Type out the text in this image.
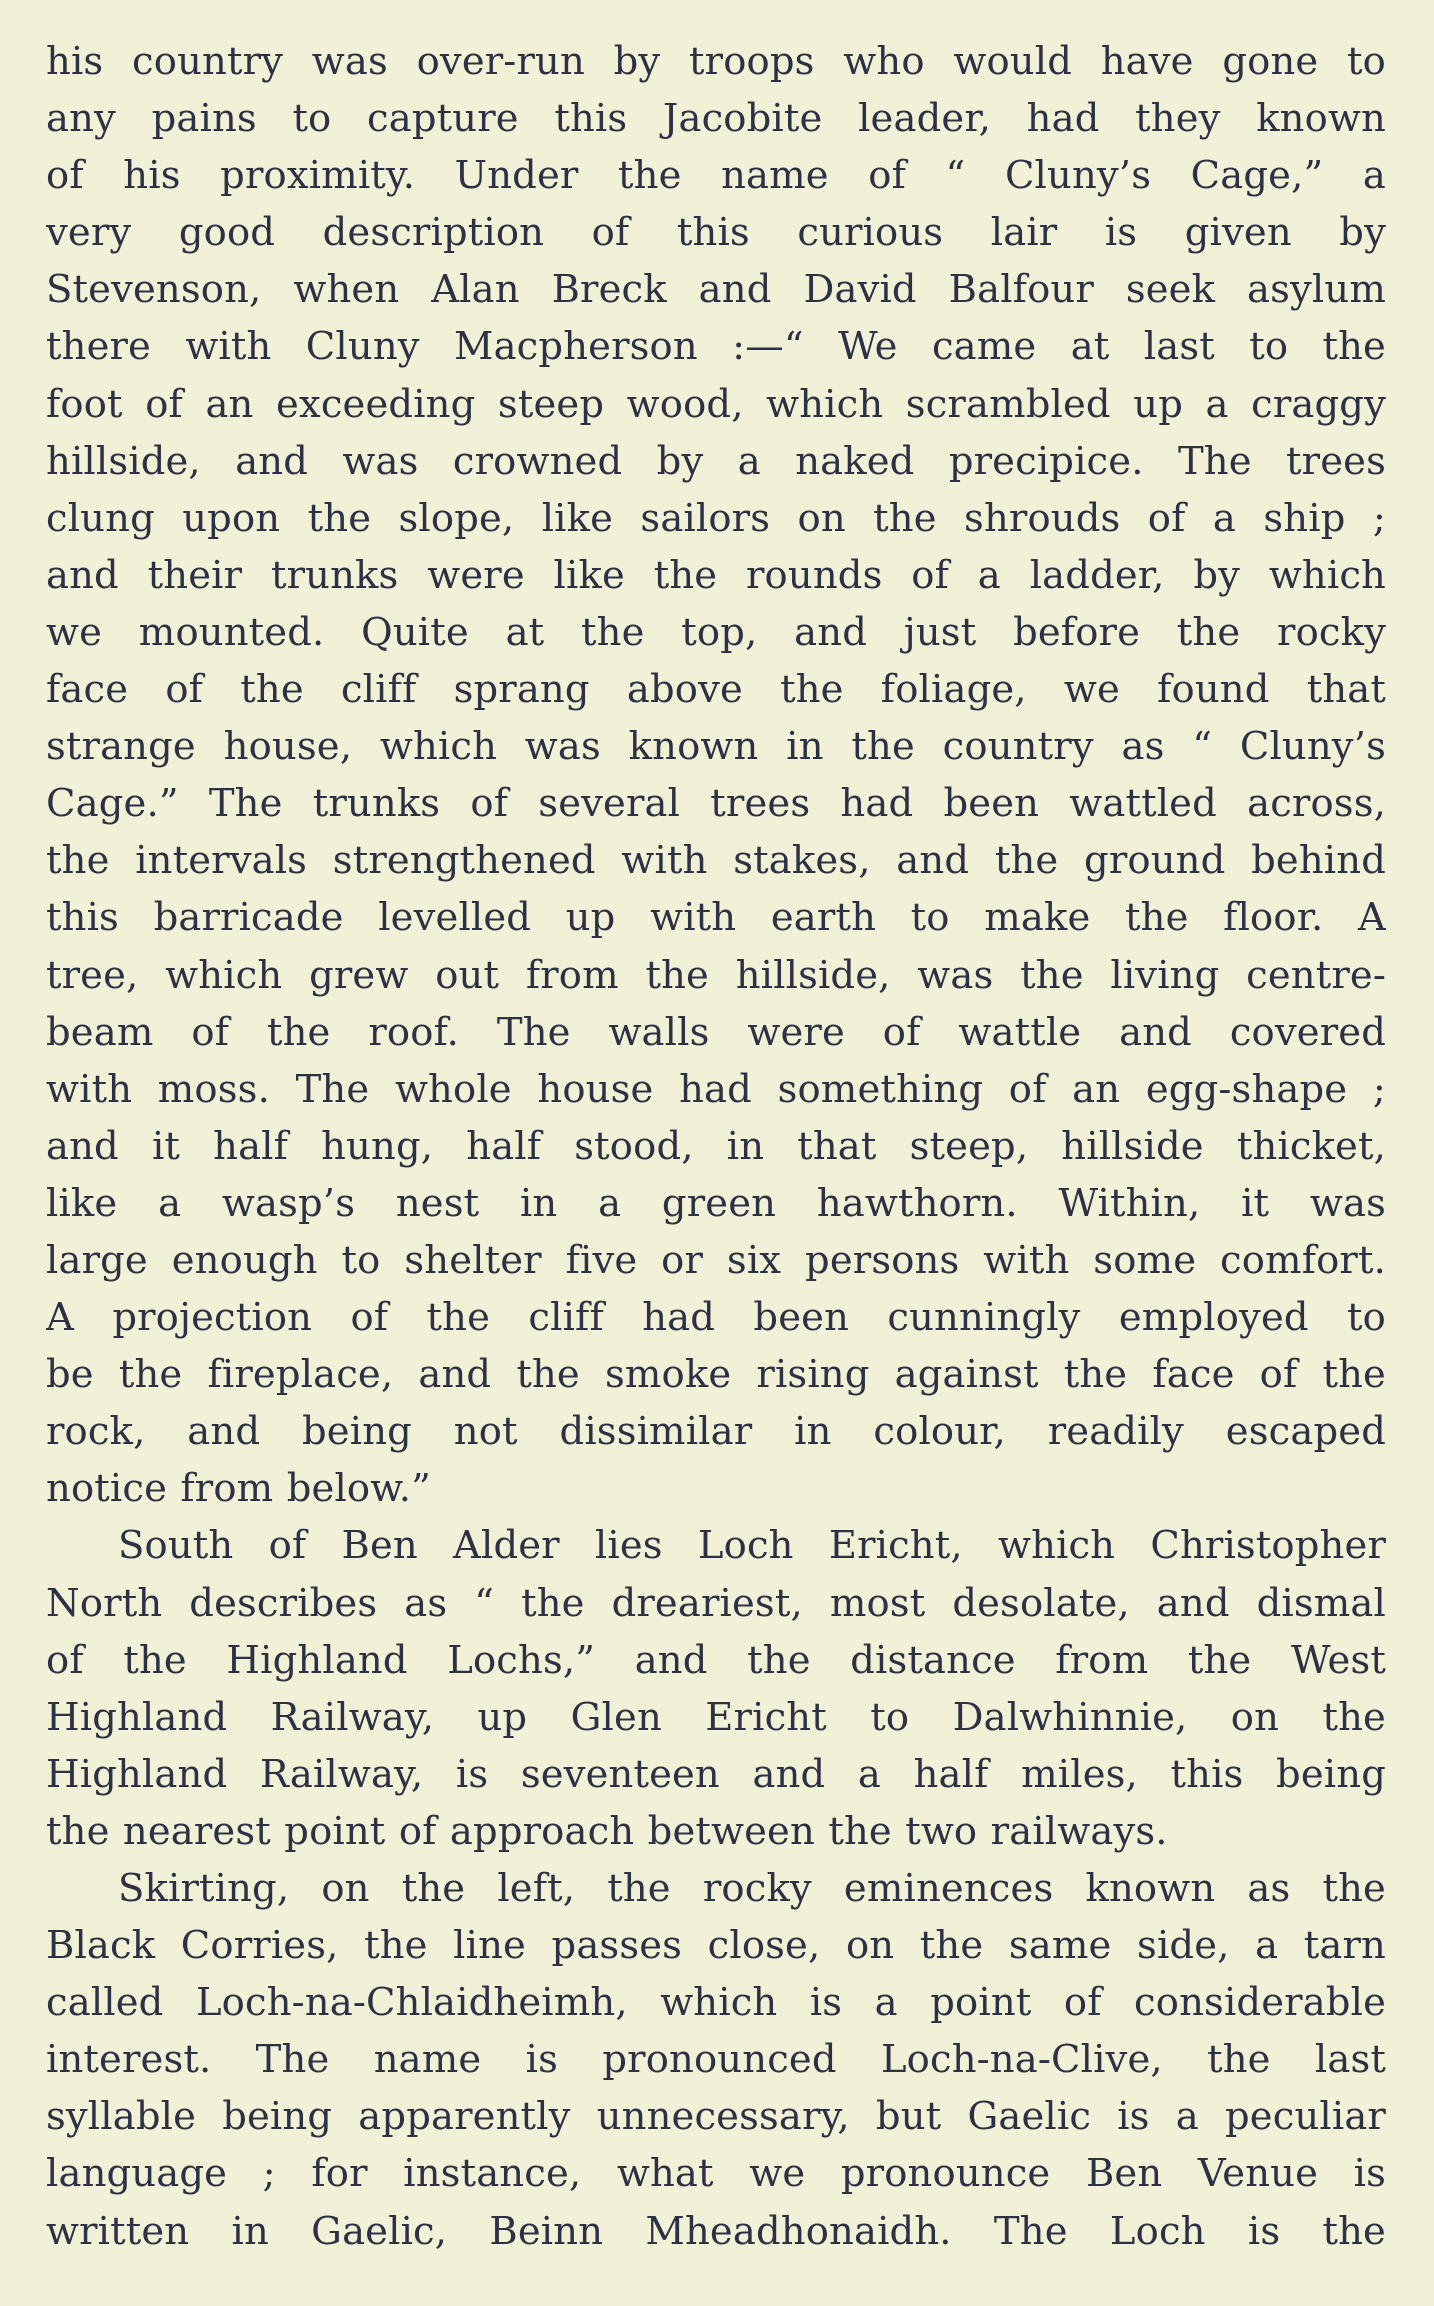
his country was over-run by troops who would have gone to
any pains to capture this Jacobite leader, had they known
of his proximity. Under the name of “ Cluny’s Cage,” a
very good description of this curious lair is given by
Stevenson, when Alan Breck and David Balfour seek asylum
there with Cluny Macpherson :—“ We came at last to the
foot of an exceeding steep wood, which scrambled up a craggy
hillside, and was crowned by a naked precipice. The trees
clung upon the slope, like sailors on the shrouds of a ship ;
and their trunks were like the rounds of a ladder, by which
we mounted. Quite at the top, and just before the rocky
face of the cliff sprang above the foliage, we found that
strange house, which was known in the country as “ Cluny’s
Cage.” The trunks of several trees had been wattled across,
the intervals strengthened with stakes, and the ground behind
this barricade levelled up with earth to make the floor. A
tree, which grew out from the hillside, was the living centre-
beam of the roof. The walls were of wattle and covered
with moss. The whole house had something of an egg-shape ;
and it half hung, half stood, in that steep, hillside thicket,
like a wasp’s nest in a green hawthorn. Within, it was
large enough to shelter five or six persons with some comfort.
A projection of the cliff had been cunningly employed to
be the fireplace, and the smoke rising against the face of the
rock, and being not dissimilar in colour, readily escaped
notice from below.”
South of Ben Alder lies Loch Ericht, which Christopher
North describes as “ the dreariest, most desolate, and dismal
of the Highland Lochs,” and the distance from the West
Highland Railway, up Glen Ericht to Dalwhinnie, on the
Highland Railway, is seventeen and a half miles, this being
the nearest point of approach between the two railways.
Skirting, on the left, the rocky eminences known as the
Black Corries, the line passes close, on the same side, a tarn
called Loch-na-Chlaidheimh, which is a point of considerable
interest. The name is pronounced Loch-na-Clive, the last
syllable being apparently unnecessary, but Gaelic is a peculiar
language ; for instance, what we pronounce Ben Venue is
written in Gaelic, Beinn Mheadhonaidh. The Loch is the
